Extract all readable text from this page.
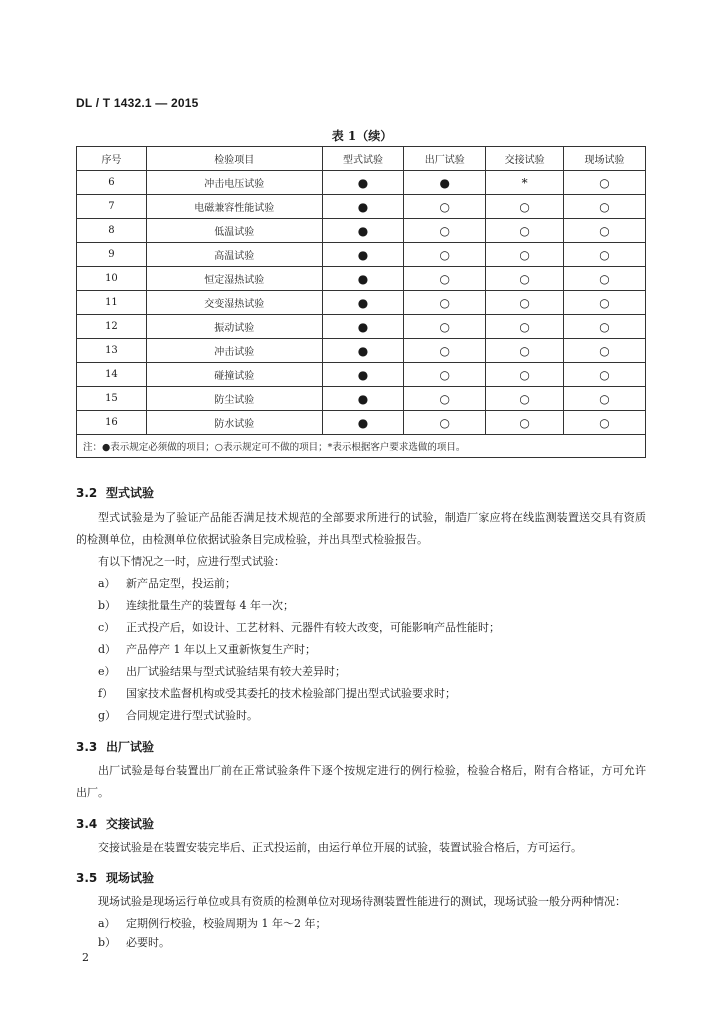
DL / T 1432.1 — 2015
表 1（续）
序号	检验项目	型式试验	出厂试验	交接试验	现场试验
6	冲击电压试验	●	●	*	○
7	电磁兼容性能试验	●	○	○	○
8	低温试验	●	○	○	○
9	高温试验	●	○	○	○
10	恒定湿热试验	●	○	○	○
11	交变湿热试验	●	○	○	○
12	振动试验	●	○	○	○
13	冲击试验	●	○	○	○
14	碰撞试验	●	○	○	○
15	防尘试验	●	○	○	○
16	防水试验	●	○	○	○
注：●表示规定必须做的项目；○表示规定可不做的项目；*表示根据客户要求选做的项目。					
3.2 型式试验
型式试验是为了验证产品能否满足技术规范的全部要求所进行的试验，制造厂家应将在线监测装置送交具有资质的检测单位，由检测单位依据试验条目完成检验，并出具型式检验报告。
有以下情况之一时，应进行型式试验：
a） 新产品定型，投运前；
b） 连续批量生产的装置每 4 年一次；
c） 正式投产后，如设计、工艺材料、元器件有较大改变，可能影响产品性能时；
d） 产品停产 1 年以上又重新恢复生产时；
e） 出厂试验结果与型式试验结果有较大差异时；
f） 国家技术监督机构或受其委托的技术检验部门提出型式试验要求时；
g） 合同规定进行型式试验时。
3.3 出厂试验
出厂试验是每台装置出厂前在正常试验条件下逐个按规定进行的例行检验，检验合格后，附有合格证，方可允许出厂。
3.4 交接试验
交接试验是在装置安装完毕后、正式投运前，由运行单位开展的试验，装置试验合格后，方可运行。
3.5 现场试验
现场试验是现场运行单位或具有资质的检测单位对现场待测装置性能进行的测试，现场试验一般分两种情况：
a） 定期例行校验，校验周期为 1 年～2 年；
b） 必要时。
2
